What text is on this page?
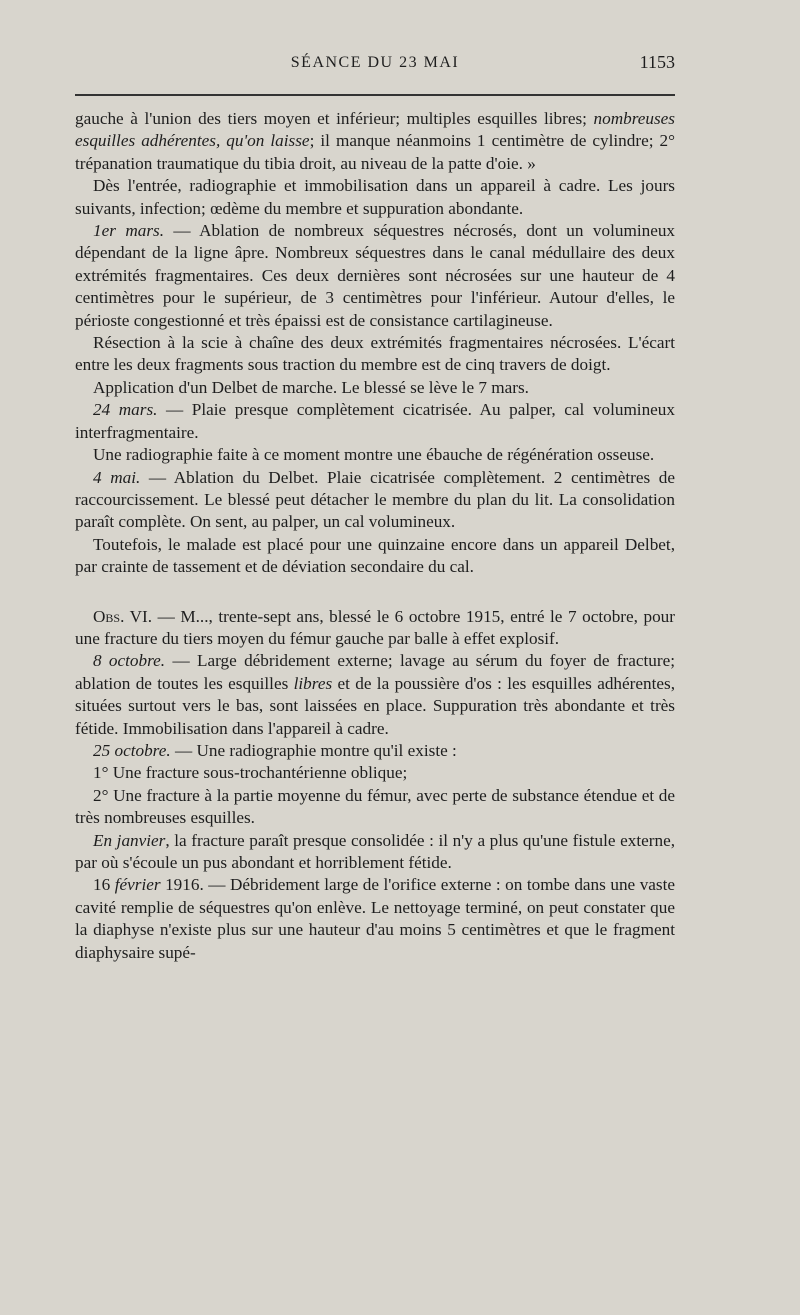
SÉANCE DU 23 MAI	1153

gauche à l'union des tiers moyen et inférieur; multiples esquilles libres; nombreuses esquilles adhérentes, qu'on laisse; il manque néanmoins 1 centimètre de cylindre; 2° trépanation traumatique du tibia droit, au niveau de la patte d'oie. »

Dès l'entrée, radiographie et immobilisation dans un appareil à cadre. Les jours suivants, infection; œdème du membre et suppuration abondante.

1er mars. — Ablation de nombreux séquestres nécrosés, dont un volumineux dépendant de la ligne âpre. Nombreux séquestres dans le canal médullaire des deux extrémités fragmentaires. Ces deux dernières sont nécrosées sur une hauteur de 4 centimètres pour le supérieur, de 3 centimètres pour l'inférieur. Autour d'elles, le périoste congestionné et très épaissi est de consistance cartilagineuse.

Résection à la scie à chaîne des deux extrémités fragmentaires nécrosées. L'écart entre les deux fragments sous traction du membre est de cinq travers de doigt.

Application d'un Delbet de marche. Le blessé se lève le 7 mars.

24 mars. — Plaie presque complètement cicatrisée. Au palper, cal volumineux interfragmentaire.

Une radiographie faite à ce moment montre une ébauche de régénération osseuse.

4 mai. — Ablation du Delbet. Plaie cicatrisée complètement. 2 centimètres de raccourcissement. Le blessé peut détacher le membre du plan du lit. La consolidation paraît complète. On sent, au palper, un cal volumineux.

Toutefois, le malade est placé pour une quinzaine encore dans un appareil Delbet, par crainte de tassement et de déviation secondaire du cal.

Obs. VI. — M..., trente-sept ans, blessé le 6 octobre 1915, entré le 7 octobre, pour une fracture du tiers moyen du fémur gauche par balle à effet explosif.

8 octobre. — Large débridement externe; lavage au sérum du foyer de fracture; ablation de toutes les esquilles libres et de la poussière d'os : les esquilles adhérentes, situées surtout vers le bas, sont laissées en place. Suppuration très abondante et très fétide. Immobilisation dans l'appareil à cadre.

25 octobre. — Une radiographie montre qu'il existe :

1° Une fracture sous-trochantérienne oblique;

2° Une fracture à la partie moyenne du fémur, avec perte de substance étendue et de très nombreuses esquilles.

En janvier, la fracture paraît presque consolidée : il n'y a plus qu'une fistule externe, par où s'écoule un pus abondant et horriblement fétide.

16 février 1916. — Débridement large de l'orifice externe : on tombe dans une vaste cavité remplie de séquestres qu'on enlève. Le nettoyage terminé, on peut constater que la diaphyse n'existe plus sur une hauteur d'au moins 5 centimètres et que le fragment diaphysaire supé-
